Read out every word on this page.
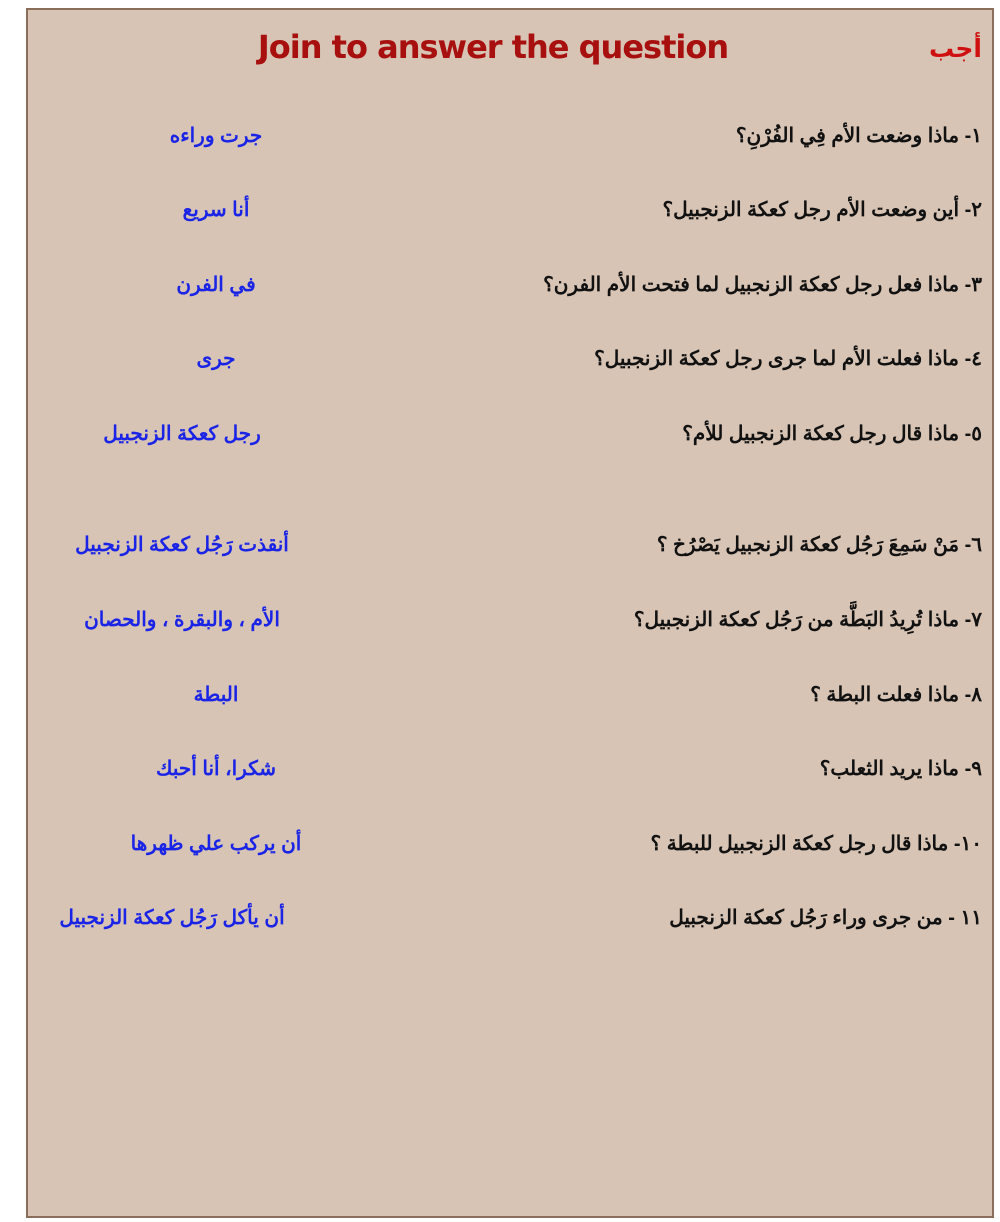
Join to answer the question	أجب
١- ماذا وضعت الأم فِي الفُرْنِ؟
٢- أين وضعت الأم رجل كعكة الزنجبيل؟
٣- ماذا فعل رجل كعكة الزنجبيل لما فتحت الأم الفرن؟
٤- ماذا فعلت الأم لما جرى رجل كعكة الزنجبيل؟
٥- ماذا قال رجل كعكة الزنجبيل للأم؟
٦- مَنْ سَمِعَ رَجُل كعكة الزنجبيل يَصْرُخ ؟
٧- ماذا تُرِيدُ البَطَّة من رَجُل كعكة الزنجبيل؟
٨- ماذا فعلت البطة ؟
٩- ماذا يريد الثعلب؟
١٠- ماذا قال رجل كعكة الزنجبيل للبطة ؟
١١ - من جرى وراء رَجُل كعكة الزنجبيل
جرت وراءه
أنا سريع
في الفرن
جرى
رجل كعكة الزنجبيل
أنقذت رَجُل كعكة الزنجبيل
الأم ، والبقرة ، والحصان
البطة
شكرا، أنا أحبك
أن يركب علي ظهرها
أن يأكل رَجُل كعكة الزنجبيل
